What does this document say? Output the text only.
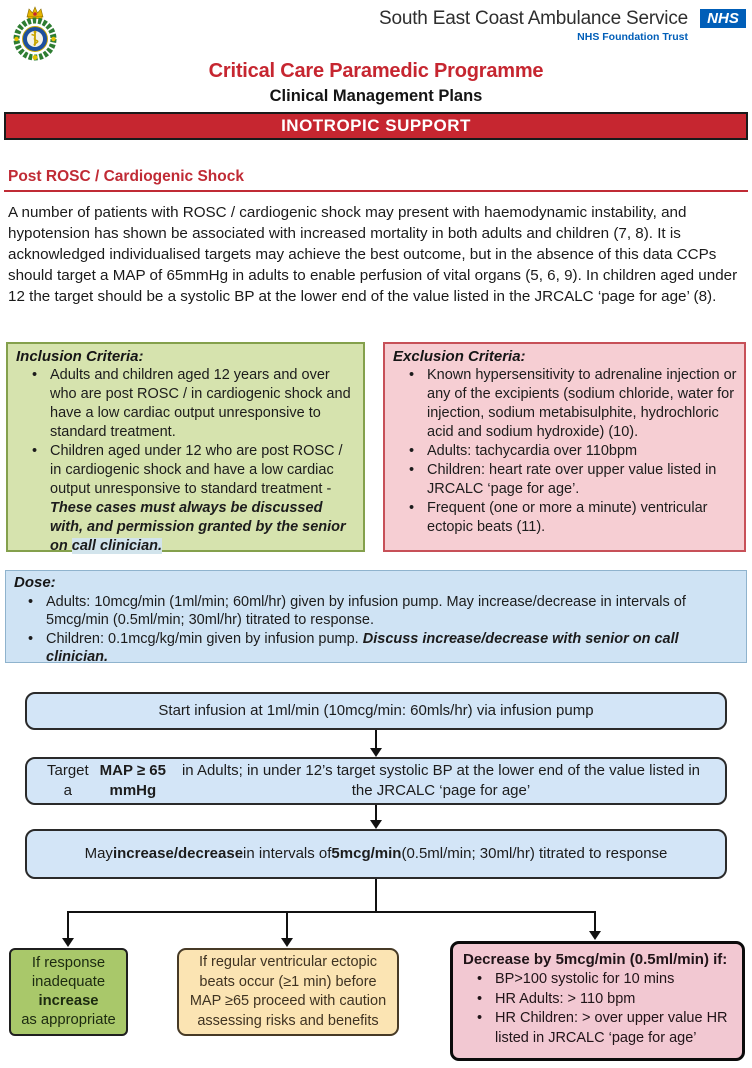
South East Coast Ambulance Service	NHS
NHS Foundation Trust
Critical Care Paramedic Programme
Clinical Management Plans
INOTROPIC SUPPORT
Post ROSC / Cardiogenic Shock

A number of patients with ROSC / cardiogenic shock may present with haemodynamic instability, and hypotension has shown be associated with increased mortality in both adults and children (7, 8). It is acknowledged individualised targets may achieve the best outcome, but in the absence of this data CCPs should target a MAP of 65mmHg in adults to enable perfusion of vital organs (5, 6, 9). In children aged under 12 the target should be a systolic BP at the lower end of the value listed in the JRCALC ‘page for age’ (8).

Inclusion Criteria:
• Adults and children aged 12 years and over who are post ROSC / in cardiogenic shock and have a low cardiac output unresponsive to standard treatment.
• Children aged under 12 who are post ROSC / in cardiogenic shock and have a low cardiac output unresponsive to standard treatment - These cases must always be discussed with, and permission granted by the senior on call clinician.
Exclusion Criteria:
• Known hypersensitivity to adrenaline injection or any of the excipients (sodium chloride, water for injection, sodium metabisulphite, hydrochloric acid and sodium hydroxide) (10).
• Adults: tachycardia over 110bpm
• Children: heart rate over upper value listed in JRCALC ‘page for age’.
• Frequent (one or more a minute) ventricular ectopic beats (11).
Dose:
• Adults: 10mcg/min (1ml/min; 60ml/hr) given by infusion pump. May increase/decrease in intervals of 5mcg/min (0.5ml/min; 30ml/hr) titrated to response.
• Children: 0.1mcg/kg/min given by infusion pump. Discuss increase/decrease with senior on call clinician.
Start infusion at 1ml/min (10mcg/min: 60mls/hr) via infusion pump
Target a
MAP ≥ 65 mmHg
in Adults; in under 12’s target systolic BP at the lower end of the value listed in the JRCALC ‘page for age’
May increase/decrease in intervals of 5mcg/min (0.5ml/min; 30ml/hr) titrated to response
If response inadequate
increase
as appropriate
If regular ventricular ectopic beats occur (≥1 min) before MAP ≥65 proceed with caution assessing risks and benefits
Decrease by 5mcg/min (0.5ml/min) if:
• BP>100 systolic for 10 mins
• HR Adults: > 110 bpm
• HR Children: > over upper value HR listed in JRCALC ‘page for age’
